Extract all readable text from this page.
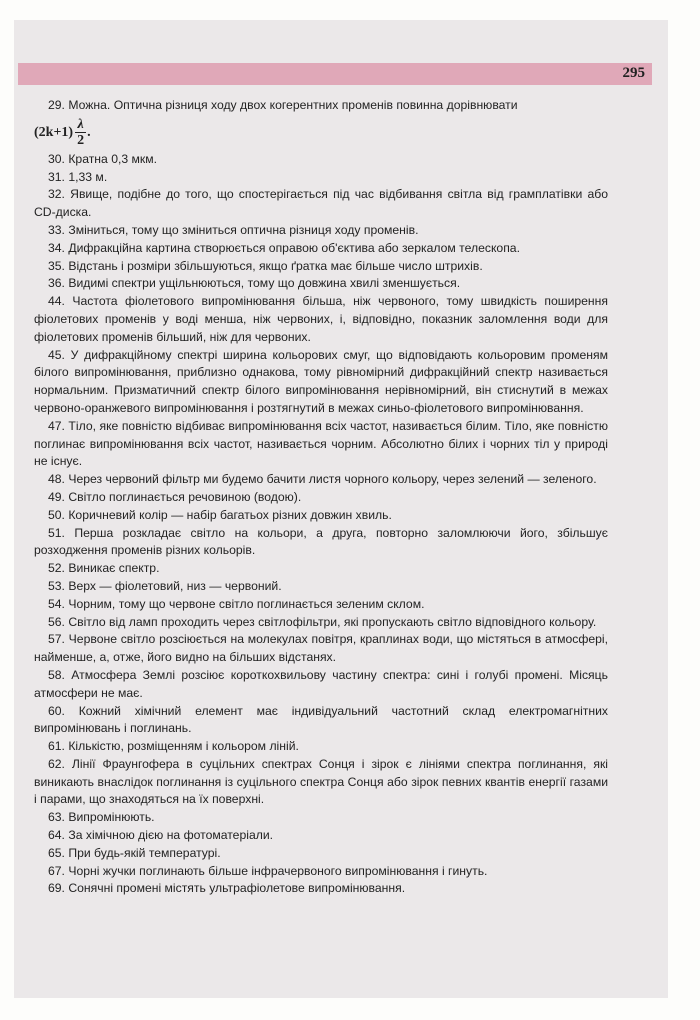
295

29. Можна. Оптична різниця ходу двох когерентних променів повинна дорівнювати

$(2k+1) \frac{\lambda}{2}$ .

30. Кратна 0,3 мкм.

31. 1,33 м.

32. Явище, подібне до того, що спостерігається під час відбивання світла від грамплатівки або CD-диска.

33. Зміниться, тому що зміниться оптична різниця ходу променів.

34. Дифракційна картина створюється оправою об'єктива або зеркалом телескопа.

35. Відстань і розміри збільшуються, якщо ґратка має більше число штрихів.

36. Видимі спектри ущільнюються, тому що довжина хвилі зменшується.

44. Частота фіолетового випромінювання більша, ніж червоного, тому швидкість поширення фіолетових променів у воді менша, ніж червоних, і, відповідно, показник заломлення води для фіолетових променів більший, ніж для червоних.

45. У дифракційному спектрі ширина кольорових смуг, що відповідають кольоровим променям білого випромінювання, приблизно однакова, тому рівномірний дифракційний спектр називається нормальним. Призматичний спектр білого випромінювання нерівномірний, він стиснутий в межах червоно-оранжевого випромінювання і розтягнутий в межах синьо-фіолетового випромінювання.

47. Тіло, яке повністю відбиває випромінювання всіх частот, називається білим. Тіло, яке повністю поглинає випромінювання всіх частот, називається чорним. Абсолютно білих і чорних тіл у природі не існує.

48. Через червоний фільтр ми будемо бачити листя чорного кольору, через зелений — зеленого.

49. Світло поглинається речовиною (водою).

50. Коричневий колір — набір багатьох різних довжин хвиль.

51. Перша розкладає світло на кольори, а друга, повторно заломлюючи його, збільшує розходження променів різних кольорів.

52. Виникає спектр.

53. Верх — фіолетовий, низ — червоний.

54. Чорним, тому що червоне світло поглинається зеленим склом.

56. Світло від ламп проходить через світлофільтри, які пропускають світло відповідного кольору.

57. Червоне світло розсіюється на молекулах повітря, краплинах води, що містяться в атмосфері, найменше, а, отже, його видно на більших відстанях.

58. Атмосфера Землі розсіює короткохвильову частину спектра: сині і голубі промені. Місяць атмосфери не має.

60. Кожний хімічний елемент має індивідуальний частотний склад електромагнітних випромінювань і поглинань.

61. Кількістю, розміщенням і кольором ліній.

62. Лінії Фраунгофера в суцільних спектрах Сонця і зірок є лініями спектра поглинання, які виникають внаслідок поглинання із суцільного спектра Сонця або зірок певних квантів енергії газами і парами, що знаходяться на їх поверхні.

63. Випромінюють.

64. За хімічною дією на фотоматеріали.

65. При будь-якій температурі.

67. Чорні жучки поглинають більше інфрачервоного випромінювання і гинуть.

69. Сонячні промені містять ультрафіолетове випромінювання.
